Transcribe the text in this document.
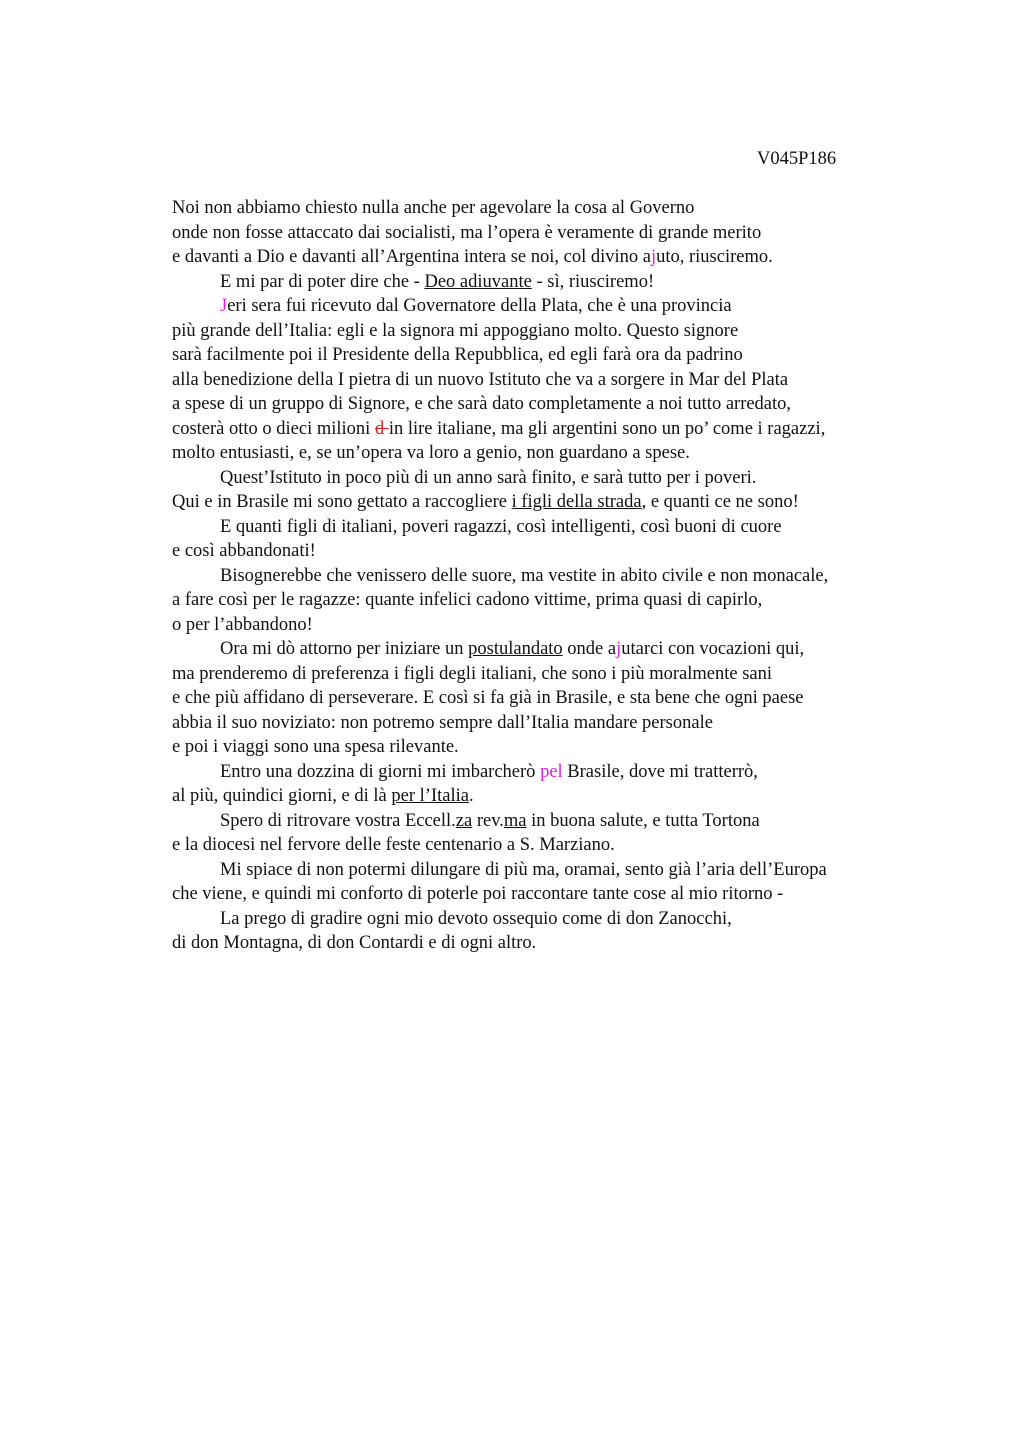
V045P186
Noi non abbiamo chiesto nulla anche per agevolare la cosa al Governo
onde non fosse attaccato dai socialisti, ma l’opera è veramente di grande merito
e davanti a Dio e davanti all’Argentina intera se noi, col divino ajuto, riusciremo.
E mi par di poter dire che - Deo adiuvante - sì, riusciremo!
Jeri sera fui ricevuto dal Governatore della Plata, che è una provincia
più grande dell’Italia: egli e la signora mi appoggiano molto. Questo signore
sarà facilmente poi il Presidente della Repubblica, ed egli farà ora da padrino
alla benedizione della I pietra di un nuovo Istituto che va a sorgere in Mar del Plata
a spese di un gruppo di Signore, e che sarà dato completamente a noi tutto arredato,
costerà otto o dieci milioni d in lire italiane, ma gli argentini sono un po’ come i ragazzi,
molto entusiasti, e, se un’opera va loro a genio, non guardano a spese.
Quest’Istituto in poco più di un anno sarà finito, e sarà tutto per i poveri.
Qui e in Brasile mi sono gettato a raccogliere i figli della strada, e quanti ce ne sono!
E quanti figli di italiani, poveri ragazzi, così intelligenti, così buoni di cuore
e così abbandonati!
Bisognerebbe che venissero delle suore, ma vestite in abito civile e non monacale,
a fare così per le ragazze: quante infelici cadono vittime, prima quasi di capirlo,
o per l’abbandono!
Ora mi dò attorno per iniziare un postulandato onde ajutarci con vocazioni qui,
ma prenderemo di preferenza i figli degli italiani, che sono i più moralmente sani
e che più affidano di perseverare. E così si fa già in Brasile, e sta bene che ogni paese
abbia il suo noviziato: non potremo sempre dall’Italia mandare personale
e poi i viaggi sono una spesa rilevante.
Entro una dozzina di giorni mi imbarcherò pel Brasile, dove mi tratterrò,
al più, quindici giorni, e di là per l’Italia.
Spero di ritrovare vostra Eccell.za rev.ma in buona salute, e tutta Tortona
e la diocesi nel fervore delle feste centenario a S. Marziano.
Mi spiace di non potermi dilungare di più ma, oramai, sento già l’aria dell’Europa
che viene, e quindi mi conforto di poterle poi raccontare tante cose al mio ritorno -
La prego di gradire ogni mio devoto ossequio come di don Zanocchi,
di don Montagna, di don Contardi e di ogni altro.
